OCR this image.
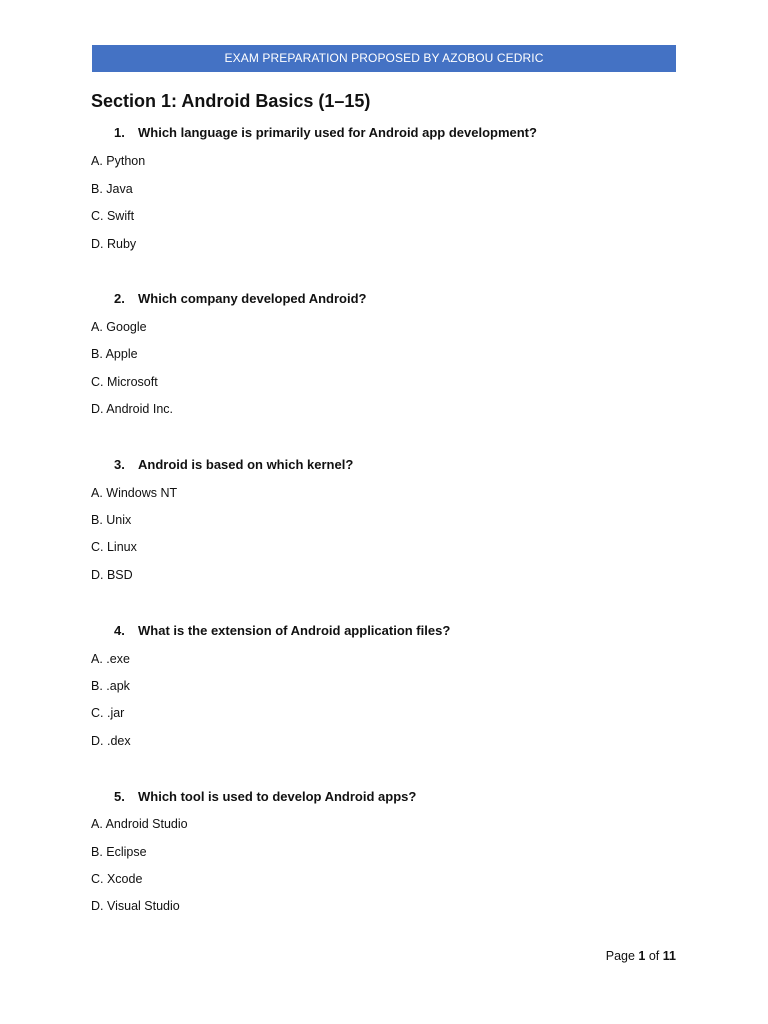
EXAM PREPARATION PROPOSED BY AZOBOU CEDRIC
Section 1: Android Basics (1–15)
1. Which language is primarily used for Android app development?
A. Python
B. Java
C. Swift
D. Ruby
2. Which company developed Android?
A. Google
B. Apple
C. Microsoft
D. Android Inc.
3. Android is based on which kernel?
A. Windows NT
B. Unix
C. Linux
D. BSD
4. What is the extension of Android application files?
A. .exe
B. .apk
C. .jar
D. .dex
5. Which tool is used to develop Android apps?
A. Android Studio
B. Eclipse
C. Xcode
D. Visual Studio
Page 1 of 11
